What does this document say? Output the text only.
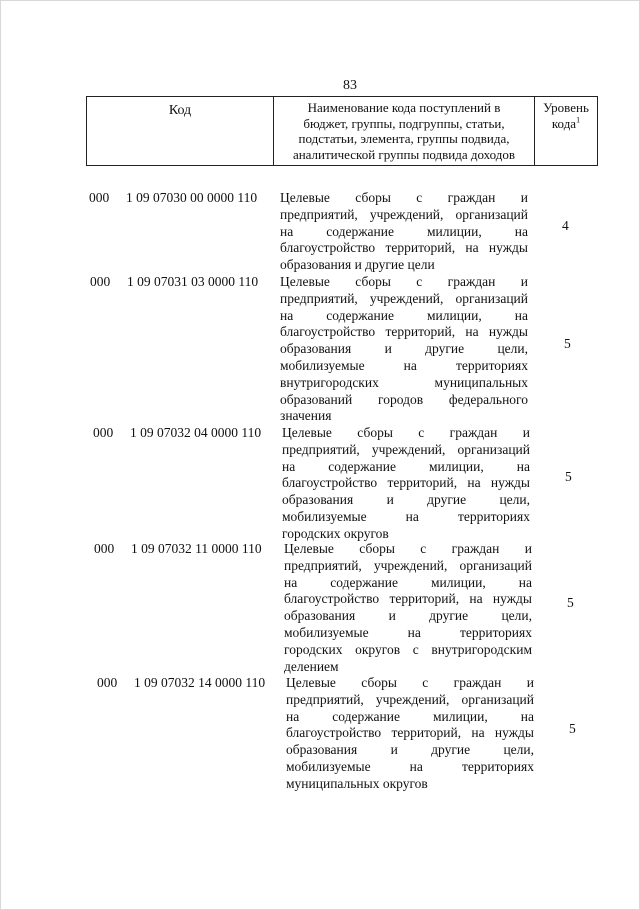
83
Код	Наименование кода поступлений в
бюджет, группы, подгруппы, статьи,
подстатьи, элемента, группы подвида,
аналитической группы подвида доходов
Уровень
кода$^1$
000 1 09 07030 00 0000 110 Целевые сборы с граждан и
предприятий, учреждений, организаций
на содержание милиции, на
благоустройство территорий, на нужды
образования и другие цели
4
000 1 09 07031 03 0000 110 Целевые сборы с граждан и
предприятий, учреждений, организаций
на содержание милиции, на
благоустройство территорий, на нужды
образования и другие цели,
мобилизуемые на территориях
внутригородских муниципальных
образований городов федерального
значения
5
000 1 09 07032 04 0000 110 Целевые сборы с граждан и
предприятий, учреждений, организаций
на содержание милиции, на
благоустройство территорий, на нужды
образования и другие цели,
мобилизуемые на территориях
городских округов
5
000 1 09 07032 11 0000 110 Целевые сборы с граждан и
предприятий, учреждений, организаций
на содержание милиции, на
благоустройство территорий, на нужды
образования и другие цели,
мобилизуемые на территориях
городских округов с внутригородским
делением
5
000 1 09 07032 14 0000 110 Целевые сборы с граждан и
предприятий, учреждений, организаций
на содержание милиции, на
благоустройство территорий, на нужды
образования и другие цели,
мобилизуемые на территориях
муниципальных округов
5
